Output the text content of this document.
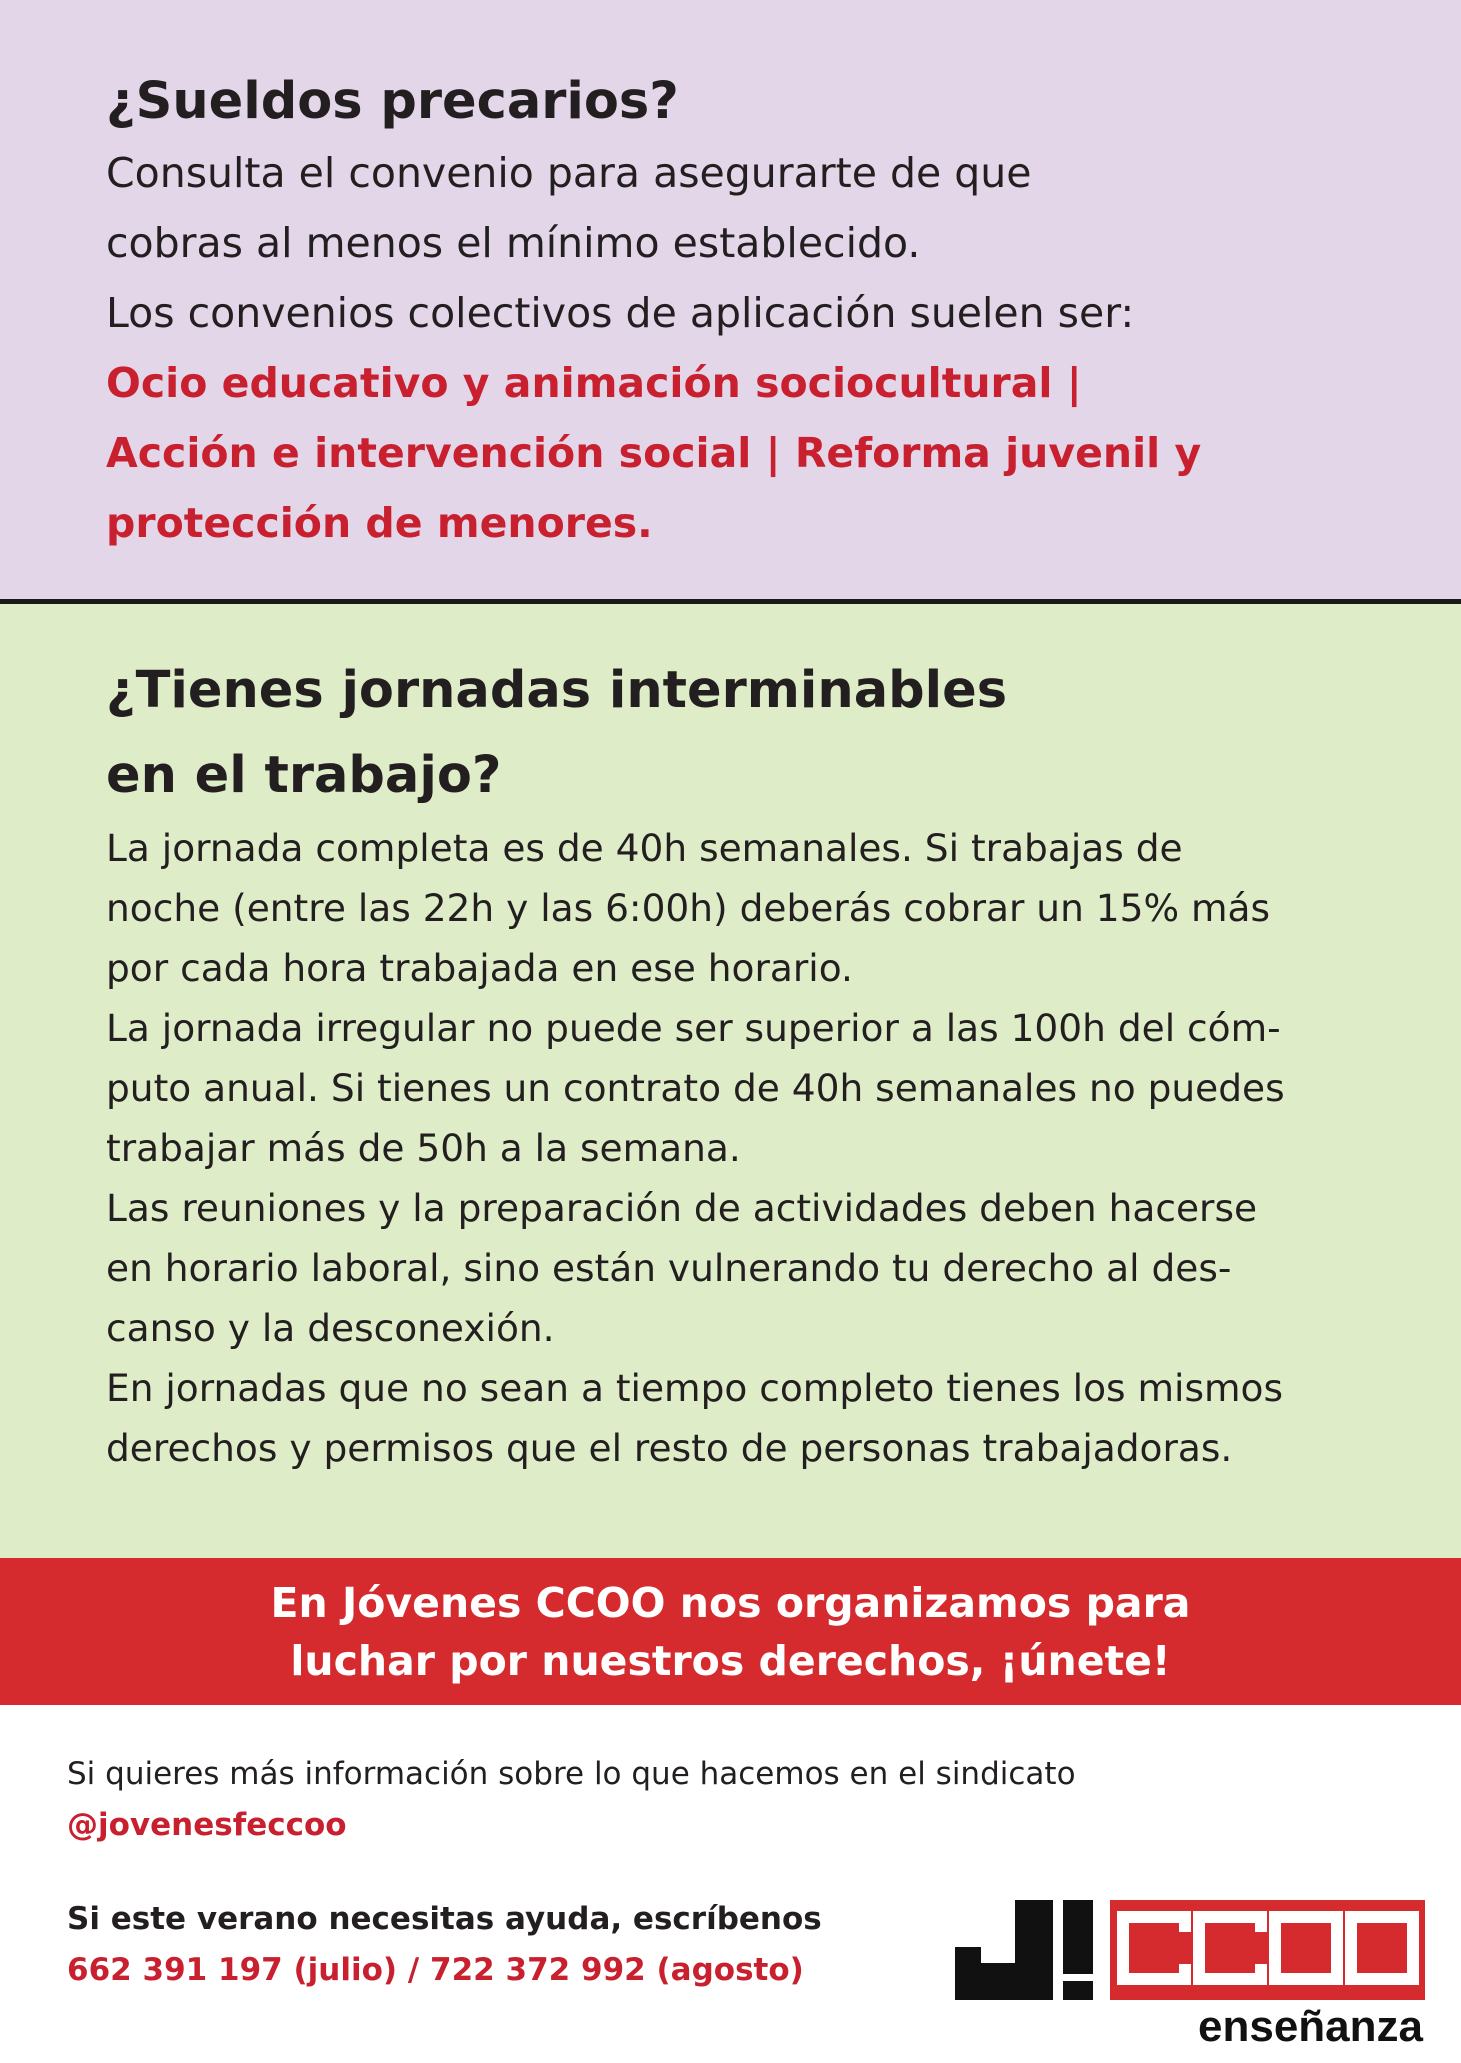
¿Sueldos precarios?
Consulta el convenio para asegurarte de que
cobras al menos el mínimo establecido.
Los convenios colectivos de aplicación suelen ser:
Ocio educativo y animación sociocultural |
Acción e intervención social | Reforma juvenil y
protección de menores.
¿Tienes jornadas interminables
en el trabajo?
La jornada completa es de 40h semanales. Si trabajas de
noche (entre las 22h y las 6:00h) deberás cobrar un 15% más
por cada hora trabajada en ese horario.
La jornada irregular no puede ser superior a las 100h del cóm-
puto anual. Si tienes un contrato de 40h semanales no puedes
trabajar más de 50h a la semana.
Las reuniones y la preparación de actividades deben hacerse
en horario laboral, sino están vulnerando tu derecho al des-
canso y la desconexión.
En jornadas que no sean a tiempo completo tienes los mismos
derechos y permisos que el resto de personas trabajadoras.
En Jóvenes CCOO nos organizamos para
luchar por nuestros derechos, ¡únete!
Si quieres más información sobre lo que hacemos en el sindicato
@jovenesfeccoo
Si este verano necesitas ayuda, escríbenos
662 391 197 (julio) / 722 372 992 (agosto)
enseñanza
